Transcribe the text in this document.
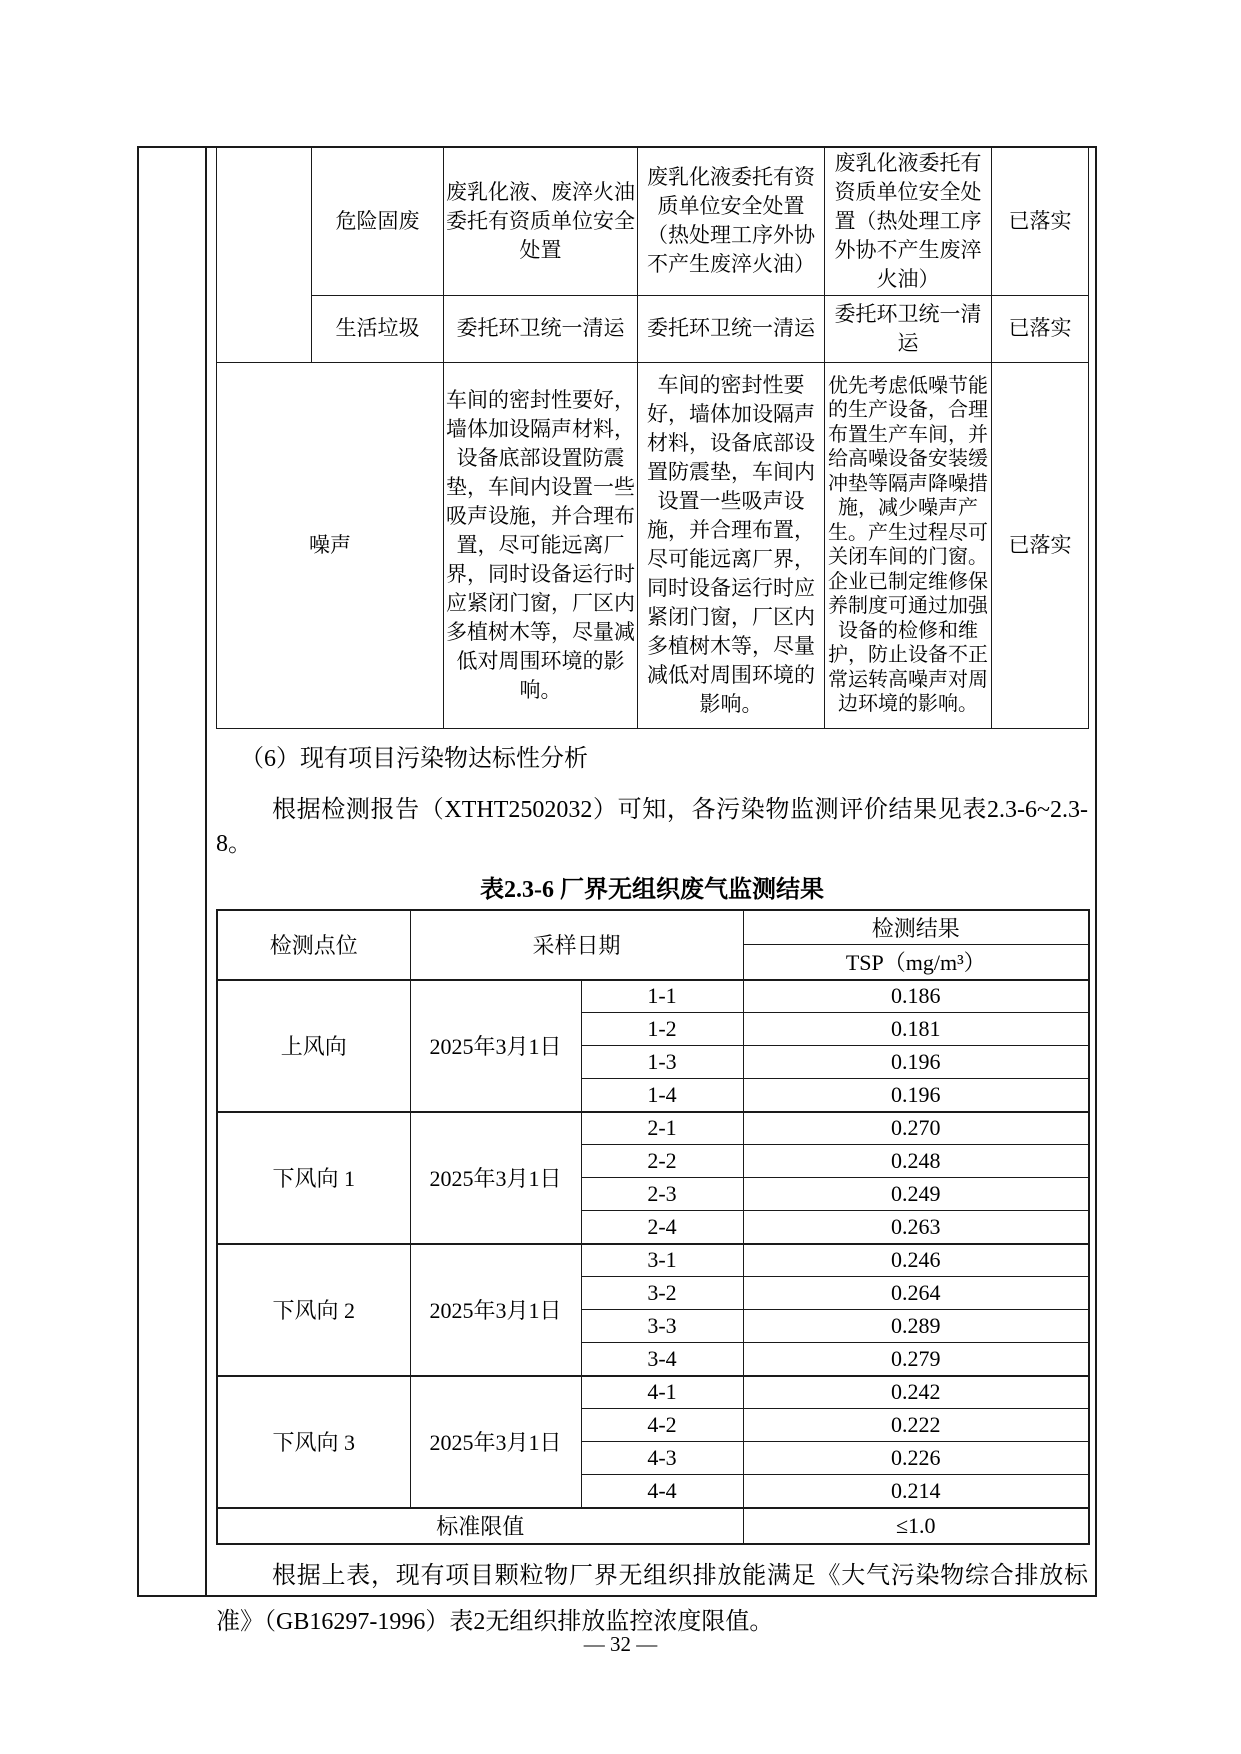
	危险固废	废乳化液、废淬火油委托有资质单位安全处置	废乳化液委托有资质单位安全处置（热处理工序外协不产生废淬火油）	废乳化液委托有资质单位安全处置（热处理工序外协不产生废淬火油）	已落实
	生活垃圾	委托环卫统一清运	委托环卫统一清运	委托环卫统一清运	已落实
噪声		车间的密封性要好，墙体加设隔声材料，设备底部设置防震垫，车间内设置一些吸声设施，并合理布置，尽可能远离厂界，同时设备运行时应紧闭门窗，厂区内多植树木等，尽量减低对周围环境的影响。	车间的密封性要好，墙体加设隔声材料，设备底部设置防震垫，车间内设置一些吸声设施，并合理布置，尽可能远离厂界，同时设备运行时应紧闭门窗，厂区内多植树木等，尽量减低对周围环境的影响。	优先考虑低噪节能的生产设备，合理布置生产车间，并给高噪设备安装缓冲垫等隔声降噪措施，减少噪声产生。产生过程尽可关闭车间的门窗。企业已制定维修保养制度可通过加强设备的检修和维护，防止设备不正常运转高噪声对周边环境的影响。	已落实
（6）现有项目污染物达标性分析

根据检测报告（XTHT2502032）可知，各污染物监测评价结果见表2.3-6~2.3-8。

表2.3-6 厂界无组织废气监测结果
检测点位	采样日期		检测结果
			TSP（mg/m³）
上风向	2025年3月1日	1-1	0.186
		1-2	0.181
		1-3	0.196
		1-4	0.196
下风向 1	2025年3月1日	2-1	0.270
		2-2	0.248
		2-3	0.249
		2-4	0.263
下风向 2	2025年3月1日	3-1	0.246
		3-2	0.264
		3-3	0.289
		3-4	0.279
下风向 3	2025年3月1日	4-1	0.242
		4-2	0.222
		4-3	0.226
		4-4	0.214
标准限值			≤1.0

根据上表，现有项目颗粒物厂界无组织排放能满足《大气污染物综合排放标准》（GB16297-1996）表2无组织排放监控浓度限值。

— 32 —
